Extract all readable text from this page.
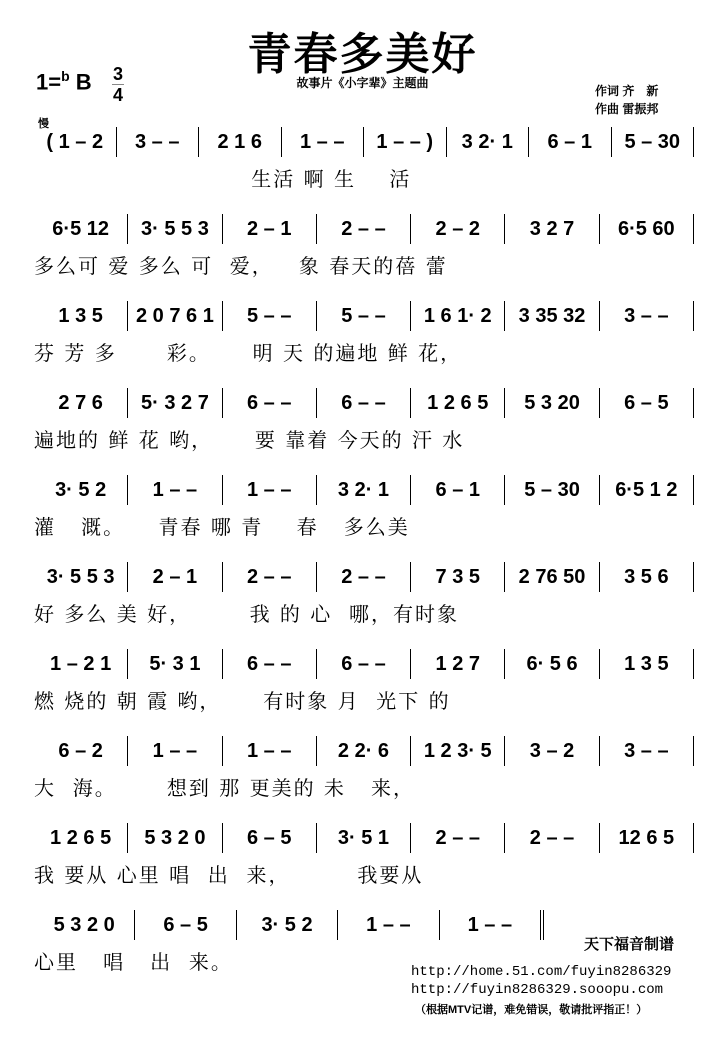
青春多美好
1=$^b$ B 3
4
故事片《小字辈》主题曲
作词 齐　新
作曲 雷振邦
慢
( 1 – 2	3 – –	2 1 6	1 – –	1 – – )	3 2· 1	6 – 1	5 – 30
生活 啊 生    活
6·5 12	3· 5 5 3	2 – 1	2 – –	2 – 2	3 2 7	6·5 60
多么可 爱 多么 可  爱，   象 春天的蓓 蕾
1 3 5	2 0 7 6 1	5 – –	5 – –	1 6 1· 2	3 35 32	3 – –
芬 芳 多      彩。     明 天 的遍地 鲜 花，
2 7 6	5· 3 2 7	6 – –	6 – –	1 2 6 5	5 3 20	6 – 5
遍地的 鲜 花 哟，     要 靠着 今天的 汗 水
3· 5 2	1 – –	1 – –	3 2· 1	6 – 1	5 – 30	6·5 1 2
灌   溉。    青春 哪 青    春   多么美
3· 5 5 3	2 – 1	2 – –	2 – –	7 3 5	2 76 50	3 5 6
好 多么 美 好，       我 的 心  哪，有时象
1 – 2 1	5· 3 1	6 – –	6 – –	1 2 7	6· 5 6	1 3 5
燃 烧的 朝 霞 哟，     有时象 月  光下 的
6 – 2	1 – –	1 – –	2 2· 6	1 2 3· 5	3 – 2	3 – –
大  海。      想到 那 更美的 未   来，
1 2 6 5	5 3 2 0	6 – 5	3· 5 1	2 – –	2 – –	12 6 5
我 要从 心里 唱  出  来，        我要从
5 3 2 0	6 – 5	3· 5 2	1 – –	1 – –
心里   唱   出  来。
天下福音制谱
http://home.51.com/fuyin8286329
http://fuyin8286329.sooopu.com
（根据MTV记谱，难免错误，敬请批评指正！）
